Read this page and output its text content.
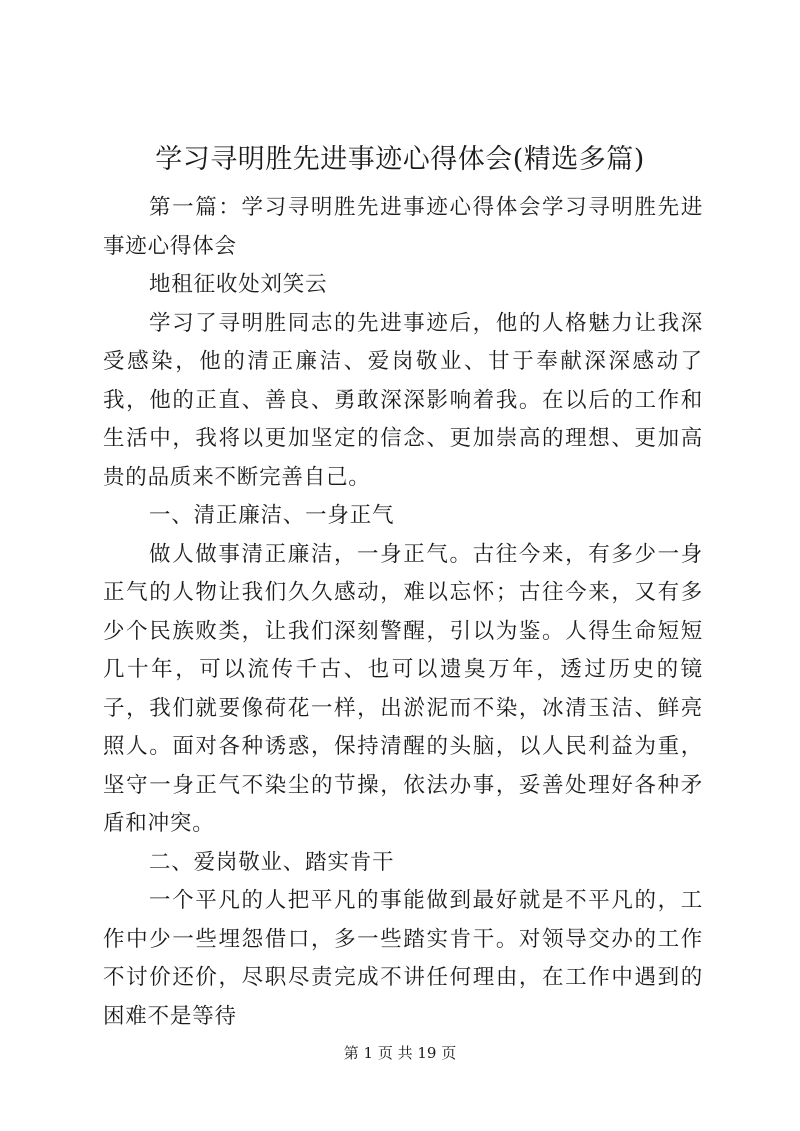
学习寻明胜先进事迹心得体会(精选多篇)

第一篇：学习寻明胜先进事迹心得体会学习寻明胜先进事迹心得体会

地租征收处刘笑云

学习了寻明胜同志的先进事迹后，他的人格魅力让我深受感染，他的清正廉洁、爱岗敬业、甘于奉献深深感动了我，他的正直、善良、勇敢深深影响着我。在以后的工作和生活中，我将以更加坚定的信念、更加崇高的理想、更加高贵的品质来不断完善自己。

一、清正廉洁、一身正气

做人做事清正廉洁，一身正气。古往今来，有多少一身正气的人物让我们久久感动，难以忘怀；古往今来，又有多少个民族败类，让我们深刻警醒，引以为鉴。人得生命短短几十年，可以流传千古、也可以遗臭万年，透过历史的镜子，我们就要像荷花一样，出淤泥而不染，冰清玉洁、鲜亮照人。面对各种诱惑，保持清醒的头脑，以人民利益为重，坚守一身正气不染尘的节操，依法办事，妥善处理好各种矛盾和冲突。

二、爱岗敬业、踏实肯干

一个平凡的人把平凡的事能做到最好就是不平凡的，工作中少一些埋怨借口，多一些踏实肯干。对领导交办的工作不讨价还价，尽职尽责完成不讲任何理由，在工作中遇到的困难不是等待

第 1 页 共 19 页
